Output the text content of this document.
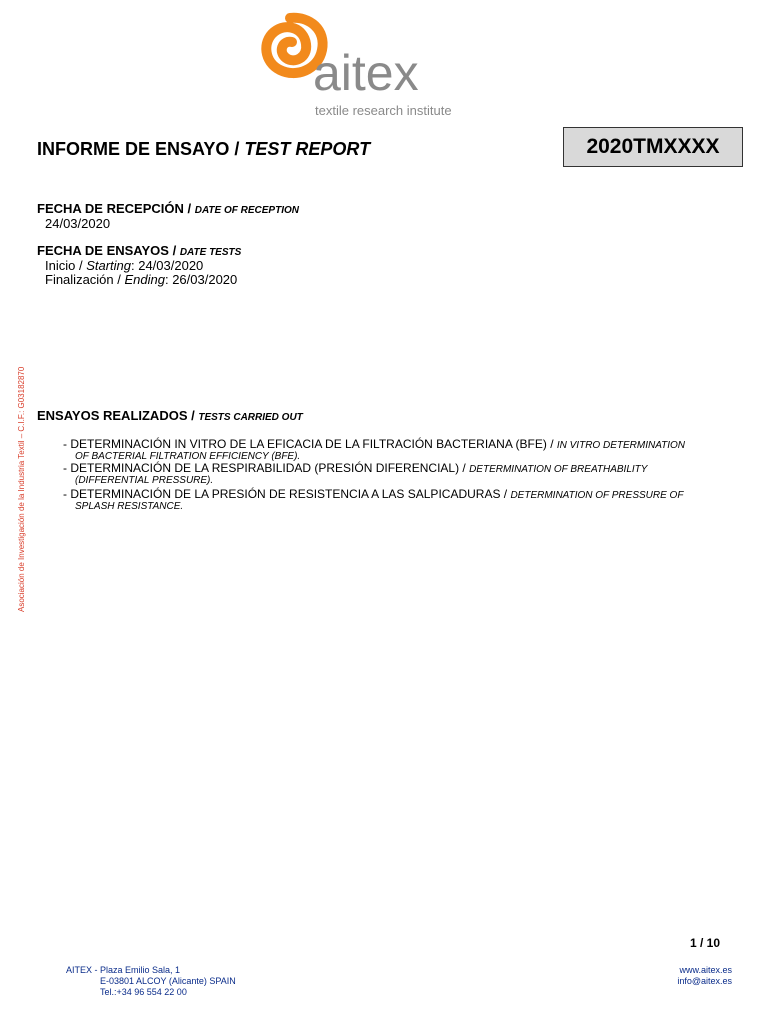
aitex
textile research institute
INFORME DE ENSAYO / TEST REPORT	2020TMXXXX
FECHA DE RECEPCIÓN / DATE OF RECEPTION
24/03/2020
FECHA DE ENSAYOS / DATE TESTS
Inicio / Starting: 24/03/2020
Finalización / Ending: 26/03/2020
Asociación de Investigación de la Industria Textil – C.I.F.: G03182870 ENSAYOS REALIZADOS / TESTS CARRIED OUT
- DETERMINACIÓN IN VITRO DE LA EFICACIA DE LA FILTRACIÓN BACTERIANA (BFE) / IN VITRO DETERMINATION
OF BACTERIAL FILTRATION EFFICIENCY (BFE).
- DETERMINACIÓN DE LA RESPIRABILIDAD (PRESIÓN DIFERENCIAL) / DETERMINATION OF BREATHABILITY
(DIFFERENTIAL PRESSURE).
- DETERMINACIÓN DE LA PRESIÓN DE RESISTENCIA A LAS SALPICADURAS / DETERMINATION OF PRESSURE OF
SPLASH RESISTANCE.
1 / 10
AITEX - Plaza Emilio Sala, 1
E-03801 ALCOY (Alicante) SPAIN
Tel.:+34 96 554 22 00
www.aitex.es
info@aitex.es
